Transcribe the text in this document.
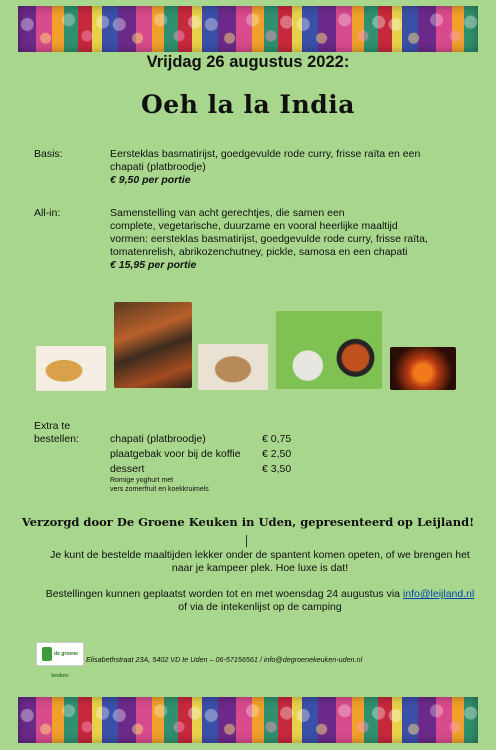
Vrijdag 26 augustus 2022:
Oeh la la India
Basis:	Eersteklas basmatirijst, goedgevulde rode curry, frisse raïta en een
chapati (platbroodje)
€ 9,50 per portie
All-in:	Samenstelling van acht gerechtjes, die samen een
complete, vegetarische, duurzame en vooral heerlijke maaltijd
vormen: eersteklas basmatirijst, goedgevulde rode curry, frisse raïta,
tomatenrelish, abrikozenchutney, pickle, samosa en een chapati
€ 15,95 per portie
Extra te
bestellen:	chapati (platbroodje)	€ 0,75
plaatgebak voor bij de koffie € 2,50
dessert	€ 3,50
Romige yoghurt met
vers zomerfruit en koekkruimels
Verzorgd door De Groene Keuken in Uden, gepresenteerd op Leijland!
Je kunt de bestelde maaltijden lekker onder de spantent komen opeten, of we brengen het
naar je kampeer plek. Hoe luxe is dat!
Bestellingen kunnen geplaatst worden tot en met woensdag 24 augustus via info@leijland.nl
of via de intekenlijst op de camping
de groene keuken
Elisabethstraat 23A, 5402 VD te Uden – 06-57156561 / info@degroenekeuken-uden.nl
